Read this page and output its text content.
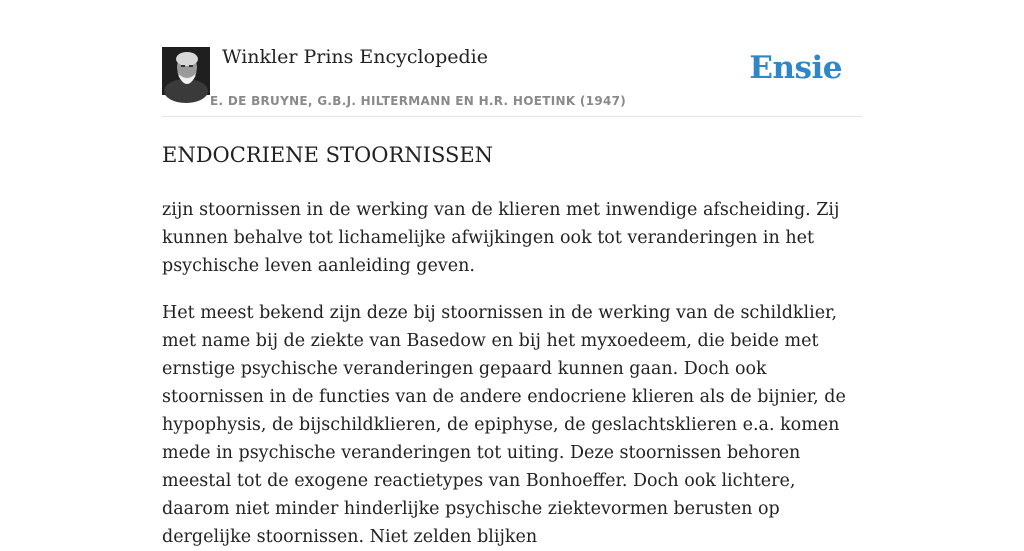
Winkler Prins Encyclopedie
E. DE BRUYNE, G.B.J. HILTERMANN EN H.R. HOETINK (1947)
Ensie
ENDOCRIENE STOORNISSEN

zijn stoornissen in de werking van de klieren met inwendige afscheiding. Zij kunnen behalve tot lichamelijke afwijkingen ook tot veranderingen in het psychische leven aanleiding geven.

Het meest bekend zijn deze bij stoornissen in de werking van de schildklier, met name bij de ziekte van Basedow en bij het myxoedeem, die beide met ernstige psychische veranderingen gepaard kunnen gaan. Doch ook stoornissen in de functies van de andere endocriene klieren als de bijnier, de hypophysis, de bijschildklieren, de epiphyse, de geslachtsklieren e.a. komen mede in psychische veranderingen tot uiting. Deze stoornissen behoren meestal tot de exogene reactietypes van Bonhoeffer. Doch ook lichtere, daarom niet minder hinderlijke psychische ziektevormen berusten op dergelijke stoornissen. Niet zelden blijken
